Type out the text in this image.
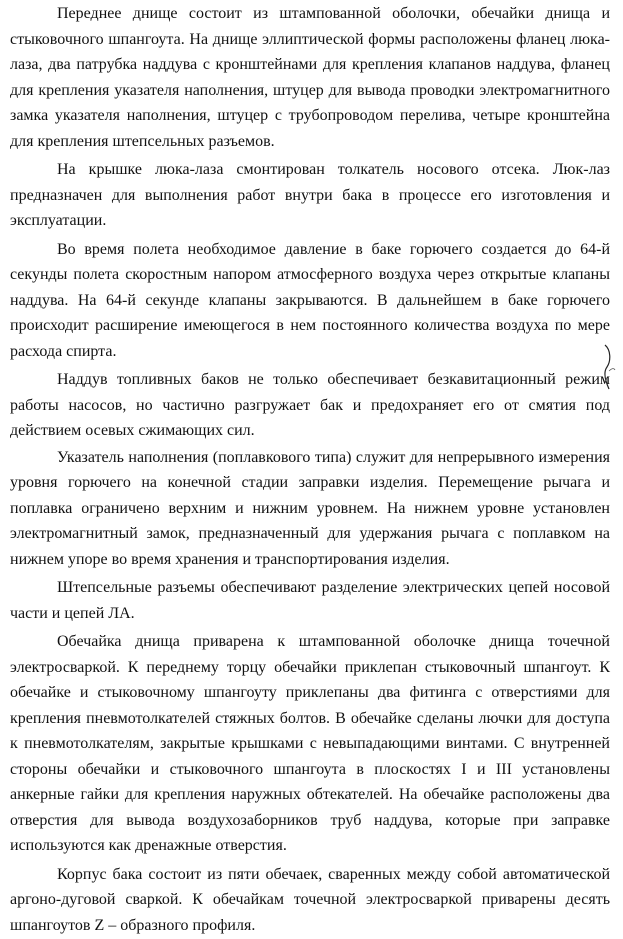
Переднее днище состоит из штампованной оболочки, обечайки днища и стыковочного шпангоута. На днище эллиптической формы расположены фланец люка-лаза, два патрубка наддува с кронштейнами для крепления клапанов наддува, фланец для крепления указателя наполнения, штуцер для вывода проводки электромагнитного замка указателя наполнения, штуцер с трубопроводом перелива, четыре кронштейна для крепления штепсельных разъемов.

На крышке люка-лаза смонтирован толкатель носового отсека. Люк-лаз предназначен для выполнения работ внутри бака в процессе его изготовления и эксплуатации.

Во время полета необходимое давление в баке горючего создается до 64-й секунды полета скоростным напором атмосферного воздуха через открытые клапаны наддува. На 64-й секунде клапаны закрываются. В дальнейшем в баке горючего происходит расширение имеющегося в нем постоянного количества воздуха по мере расхода спирта.

Наддув топливных баков не только обеспечивает безкавитационный режим работы насосов, но частично разгружает бак и предохраняет его от смятия под действием осевых сжимающих сил.

Указатель наполнения (поплавкового типа) служит для непрерывного измерения уровня горючего на конечной стадии заправки изделия. Перемещение рычага и поплавка ограничено верхним и нижним уровнем. На нижнем уровне установлен электромагнитный замок, предназначенный для удержания рычага с поплавком на нижнем упоре во время хранения и транспортирования изделия.

Штепсельные разъемы обеспечивают разделение электрических цепей носовой части и цепей ЛА.

Обечайка днища приварена к штампованной оболочке днища точечной электросваркой. К переднему торцу обечайки приклепан стыковочный шпангоут. К обечайке и стыковочному шпангоуту приклепаны два фитинга с отверстиями для крепления пневмотолкателей стяжных болтов. В обечайке сделаны лючки для доступа к пневмотолкателям, закрытые крышками с невыпадающими винтами. С внутренней стороны обечайки и стыковочного шпангоута в плоскостях I и III установлены анкерные гайки для крепления наружных обтекателей. На обечайке расположены два отверстия для вывода воздухозаборников труб наддува, которые при заправке используются как дренажные отверстия.

Корпус бака состоит из пяти обечаек, сваренных между собой автоматической аргоно-дуговой сваркой. К обечайкам точечной электросваркой приварены десять шпангоутов Z – образного профиля.
